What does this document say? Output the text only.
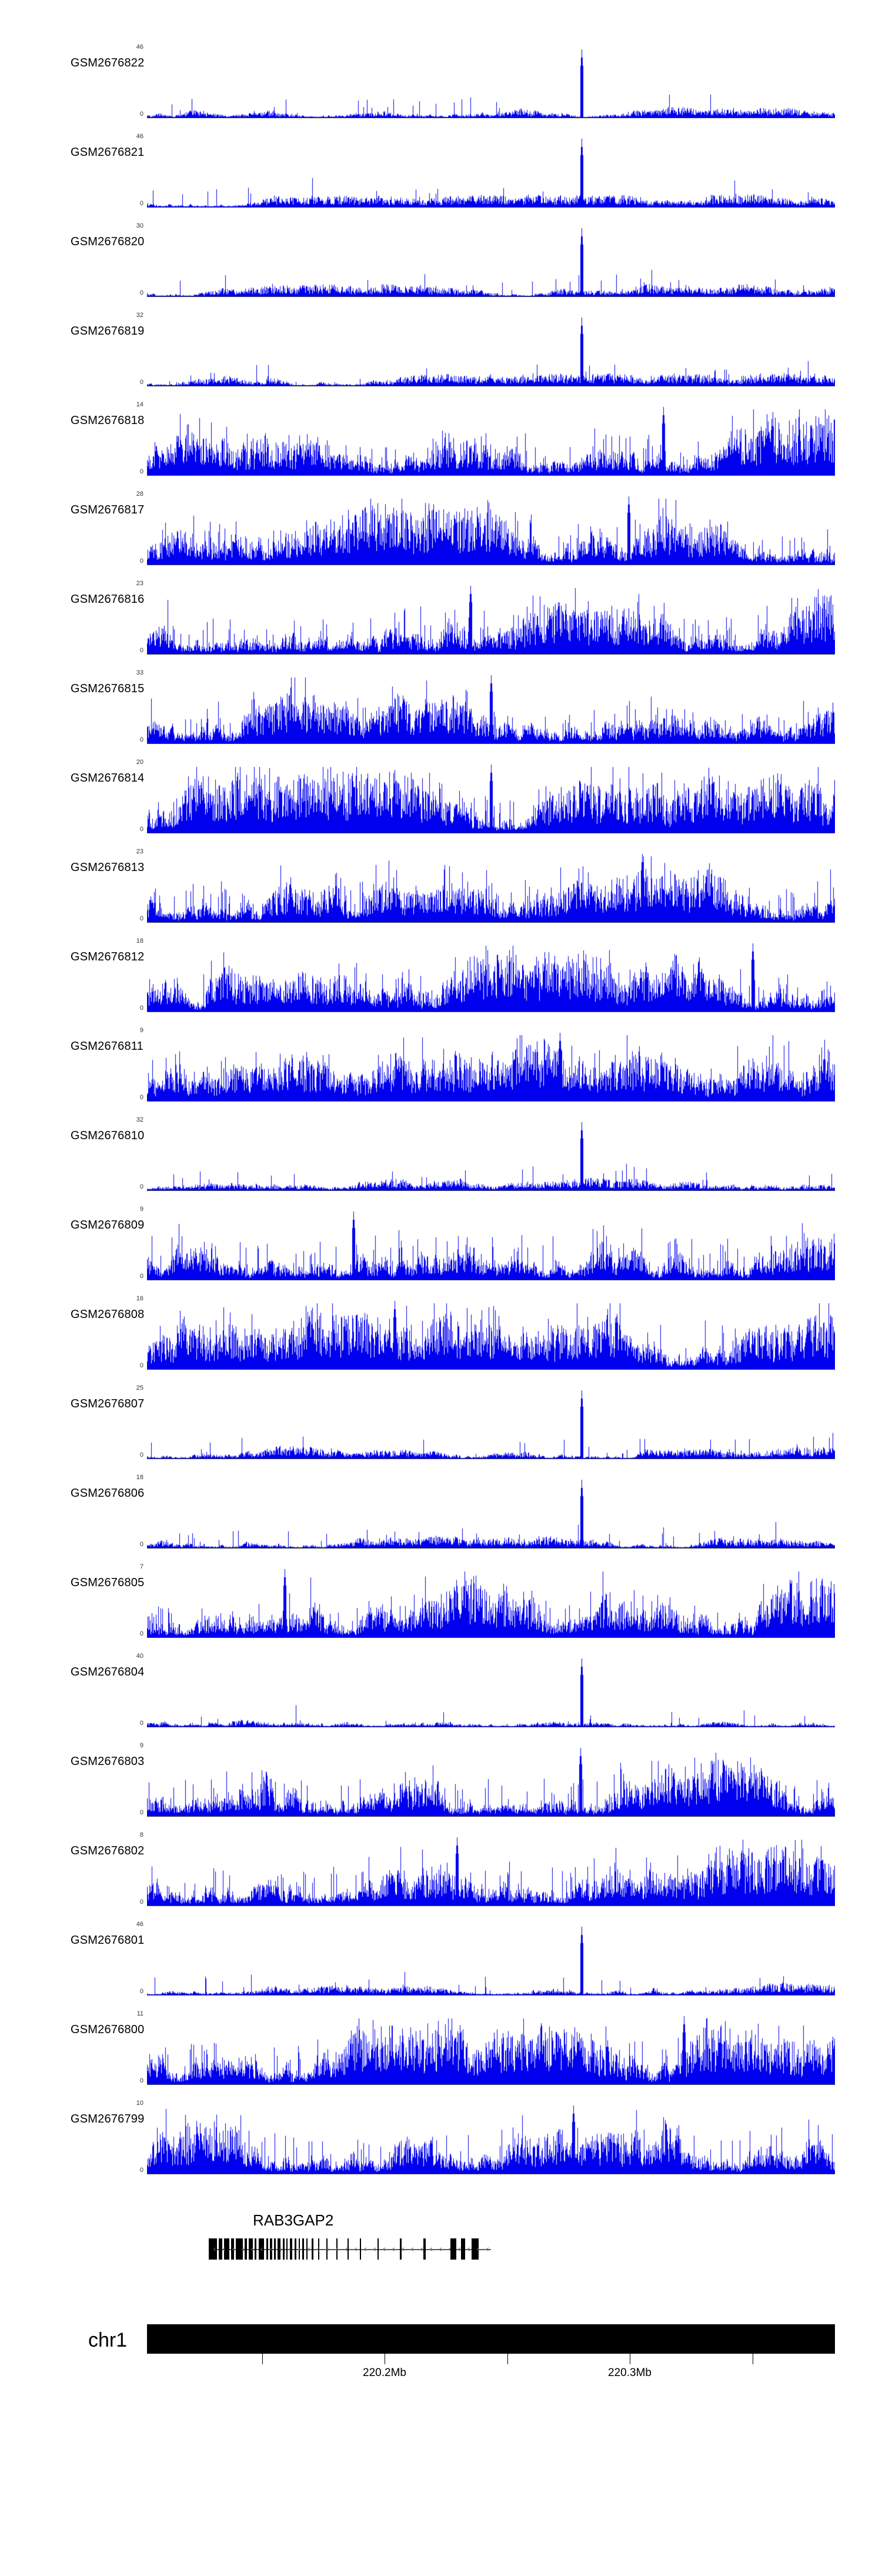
GSM2676822
46
0
GSM2676821
46
0
GSM2676820
30
0
GSM2676819
32
0
GSM2676818
14
0
GSM2676817
28
0
GSM2676816
23
0
GSM2676815
33
0
GSM2676814
20
0
GSM2676813
23
0
GSM2676812
18
0
GSM2676811
9
0
GSM2676810
32
0
GSM2676809
9
0
GSM2676808
16
0
GSM2676807
25
0
GSM2676806
18
0
GSM2676805
7
0
GSM2676804
40
0
GSM2676803
9
0
GSM2676802
8
0
GSM2676801
46
0
GSM2676800
11
0
GSM2676799
10
0
RAB3GAP2
‹ ‹ ‹ ‹ ‹ ‹ ‹ ‹ ‹ ‹ ‹ ‹ ‹ ‹ ‹ ‹ ‹ ‹ ‹ ‹ ‹ ‹ ‹ ‹ ‹ ‹ ‹ ‹ ‹ ‹
chr1
220.2Mb	220.3Mb
